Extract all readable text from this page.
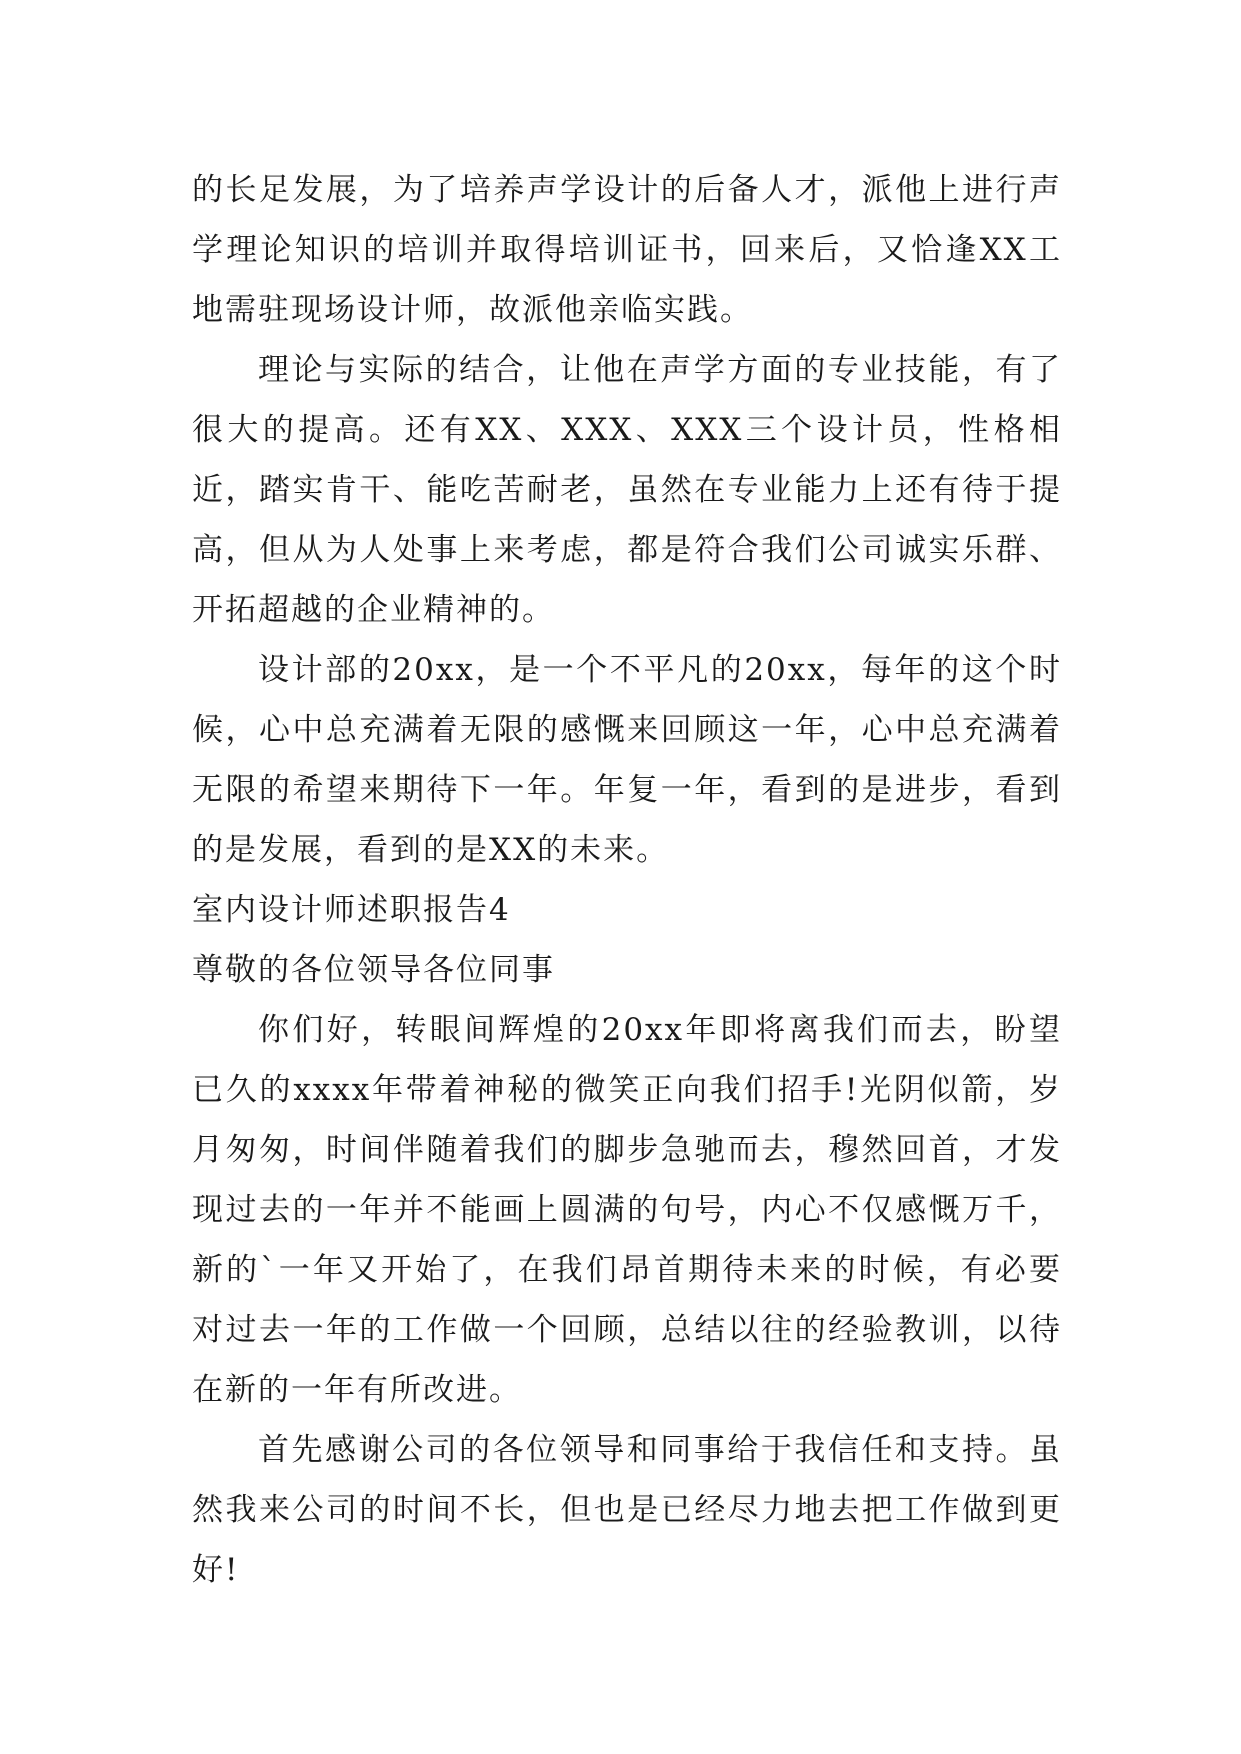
的长足发展，为了培养声学设计的后备人才，派他上进行声学理论知识的培训并取得培训证书，回来后，又恰逢XX工地需驻现场设计师，故派他亲临实践。

理论与实际的结合，让他在声学方面的专业技能，有了很大的提高。还有XX、XXX、XXX三个设计员，性格相近，踏实肯干、能吃苦耐老，虽然在专业能力上还有待于提高，但从为人处事上来考虑，都是符合我们公司诚实乐群、开拓超越的企业精神的。

设计部的20xx，是一个不平凡的20xx，每年的这个时候，心中总充满着无限的感慨来回顾这一年，心中总充满着无限的希望来期待下一年。年复一年，看到的是进步，看到的是发展，看到的是XX的未来。

室内设计师述职报告4

尊敬的各位领导各位同事

你们好，转眼间辉煌的20xx年即将离我们而去，盼望已久的xxxx年带着神秘的微笑正向我们招手!光阴似箭，岁月匆匆，时间伴随着我们的脚步急驰而去，穆然回首，才发现过去的一年并不能画上圆满的句号，内心不仅感慨万千，新的`一年又开始了，在我们昂首期待未来的时候，有必要对过去一年的工作做一个回顾，总结以往的经验教训，以待在新的一年有所改进。

首先感谢公司的各位领导和同事给于我信任和支持。虽然我来公司的时间不长，但也是已经尽力地去把工作做到更好!
